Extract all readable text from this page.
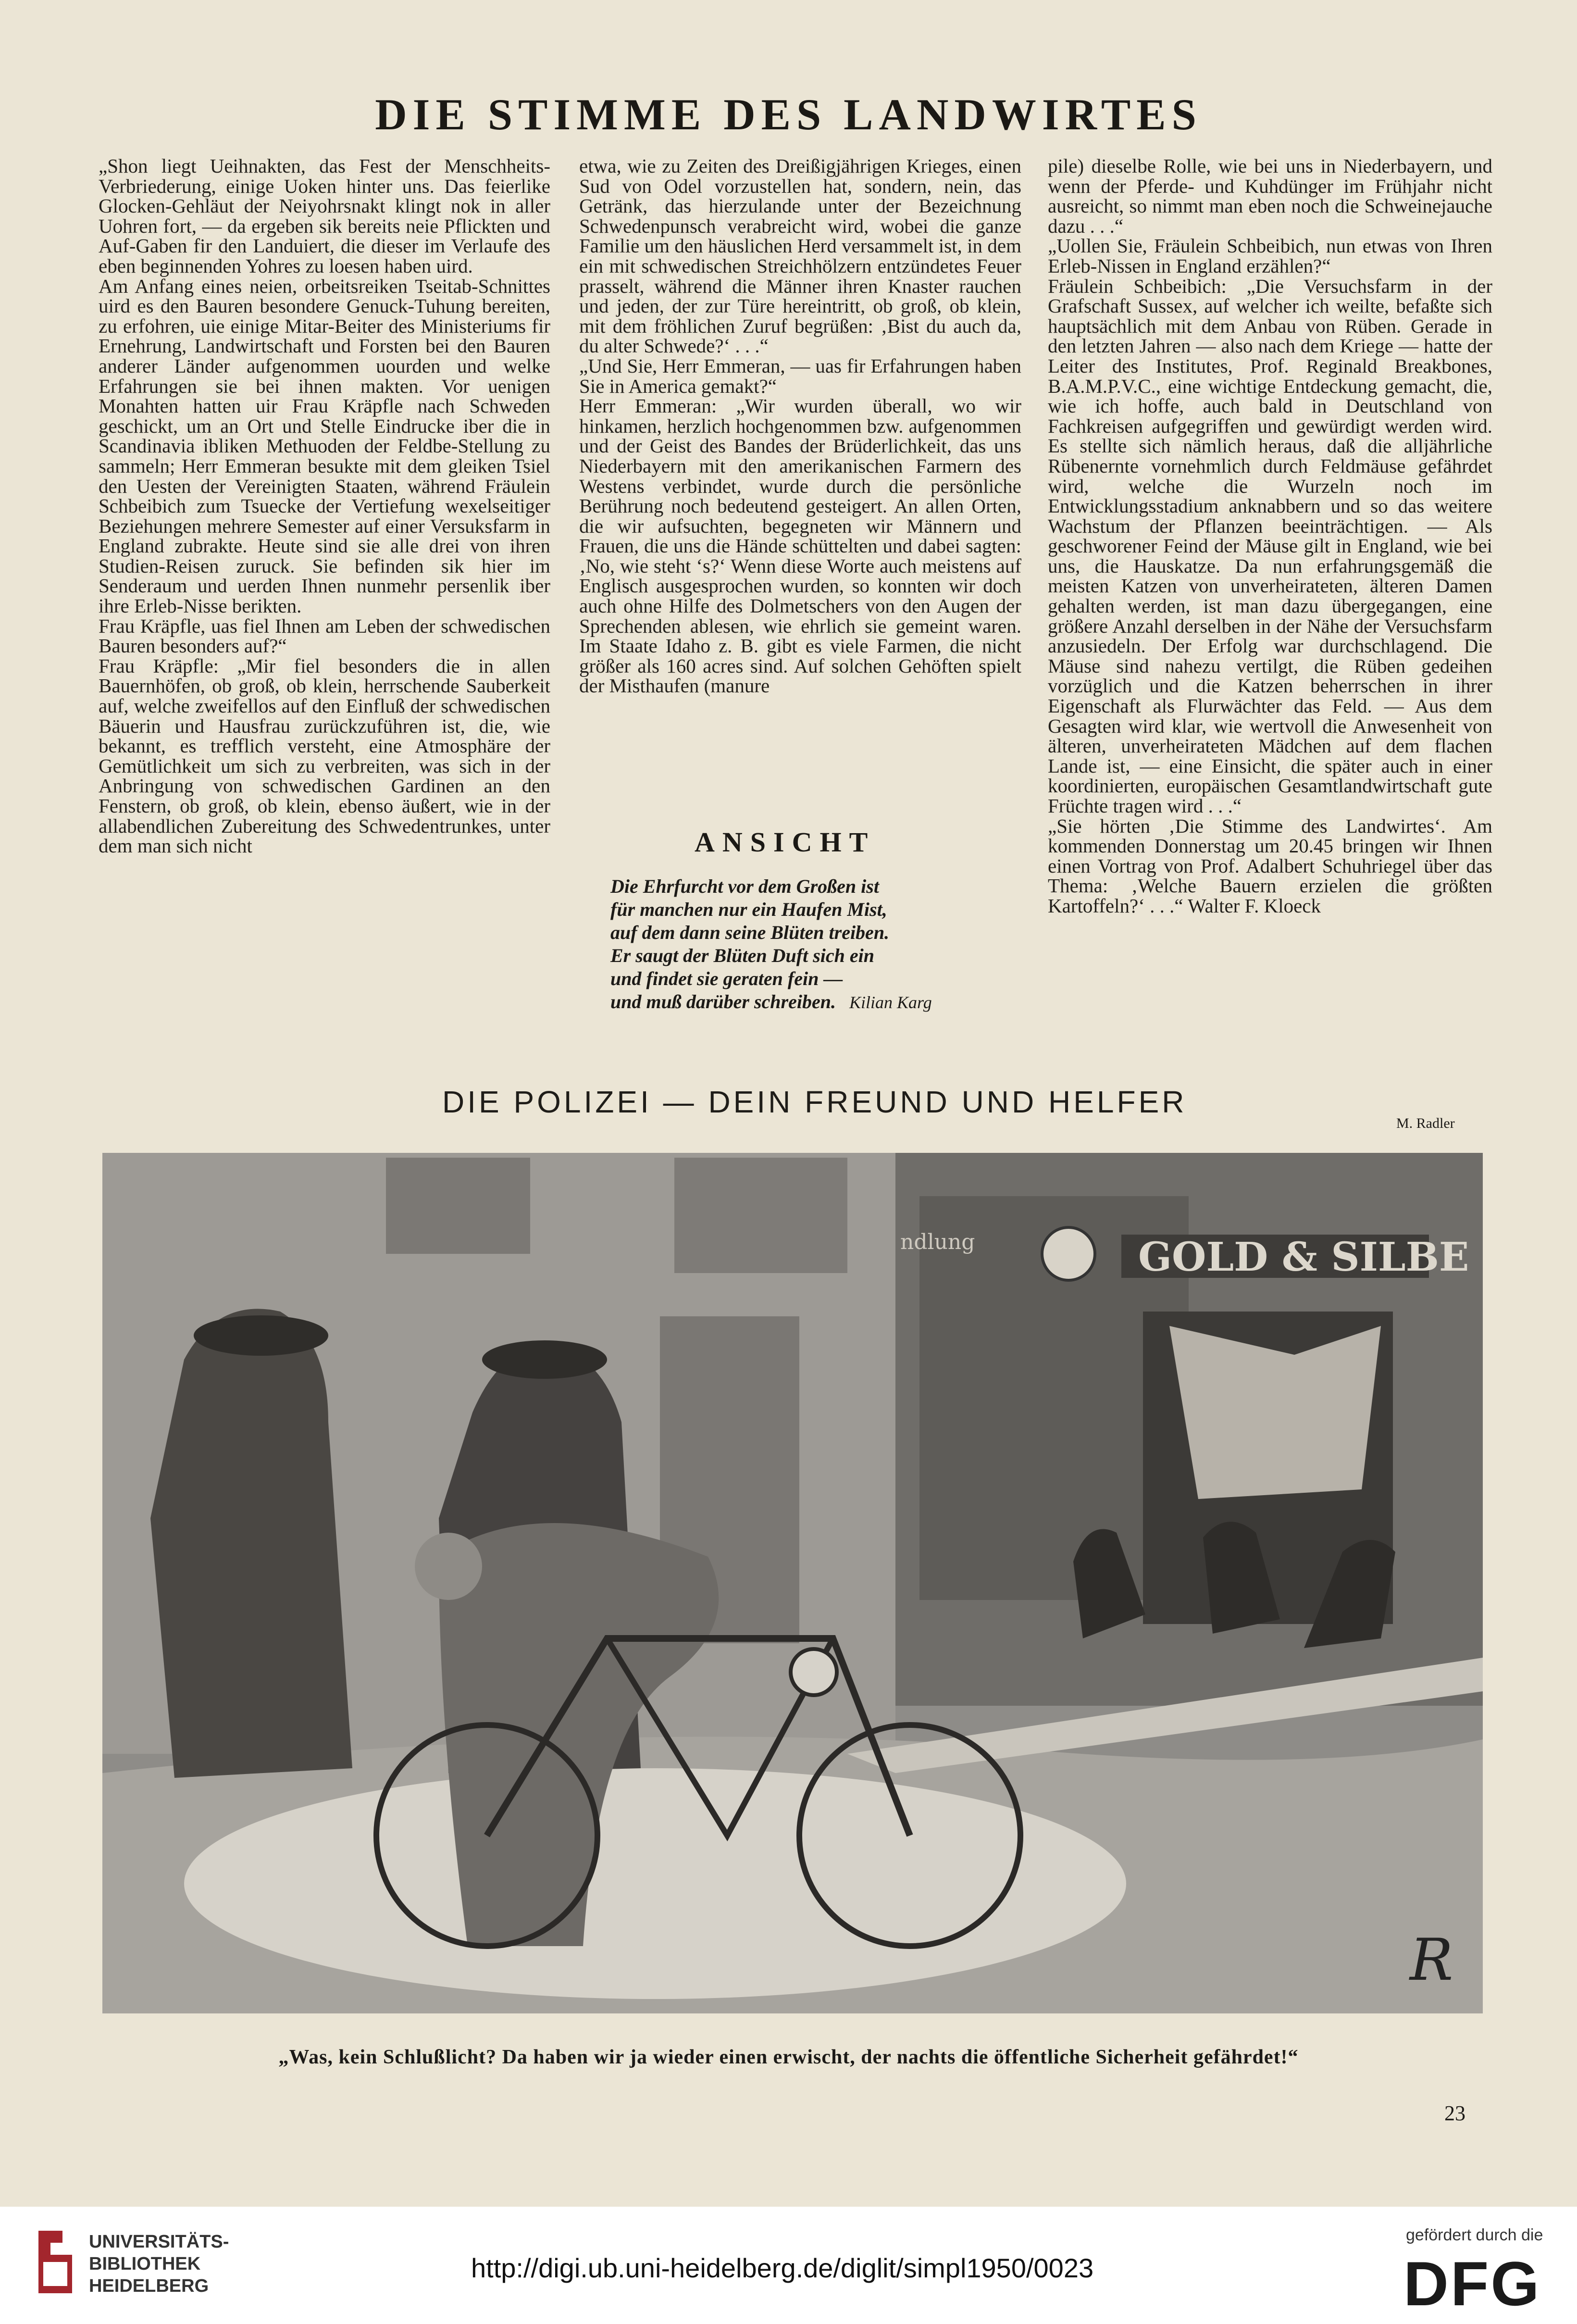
DIE STIMME DES LANDWIRTES

„Shon liegt Ueihnakten, das Fest der Menschheits-Verbriederung, einige Uoken hinter uns. Das feierlike Glocken-Gehläut der Neiyohrsnakt klingt nok in aller Uohren fort, — da ergeben sik bereits neie Pflickten und Auf-Gaben fir den Landuiert, die dieser im Verlaufe des eben beginnenden Yohres zu loesen haben uird.

Am Anfang eines neien, orbeitsreiken Tseitab-Schnittes uird es den Bauren besondere Genuck-Tuhung bereiten, zu erfohren, uie einige Mitar-Beiter des Ministeriums fir Ernehrung, Landwirtschaft und Forsten bei den Bauren anderer Länder aufgenommen uourden und welke Erfahrungen sie bei ihnen makten. Vor uenigen Monahten hatten uir Frau Kräpfle nach Schweden geschickt, um an Ort und Stelle Eindrucke iber die in Scandinavia ibliken Methuoden der Feldbe-Stellung zu sammeln; Herr Emmeran besukte mit dem gleiken Tsiel den Uesten der Vereinigten Staaten, während Fräulein Schbeibich zum Tsuecke der Vertiefung wexelseitiger Beziehungen mehrere Semester auf einer Versuksfarm in England zubrakte. Heute sind sie alle drei von ihren Studien-Reisen zuruck. Sie befinden sik hier im Senderaum und uerden Ihnen nunmehr persenlik iber ihre Erleb-Nisse berikten.

Frau Kräpfle, uas fiel Ihnen am Leben der schwedischen Bauren besonders auf?“

Frau Kräpfle: „Mir fiel besonders die in allen Bauernhöfen, ob groß, ob klein, herrschende Sauberkeit auf, welche zweifellos auf den Einfluß der schwedischen Bäuerin und Hausfrau zurückzuführen ist, die, wie bekannt, es trefflich versteht, eine Atmosphäre der Gemütlichkeit um sich zu verbreiten, was sich in der Anbringung von schwedischen Gardinen an den Fenstern, ob groß, ob klein, ebenso äußert, wie in der allabendlichen Zubereitung des Schwedentrunkes, unter dem man sich nicht

etwa, wie zu Zeiten des Dreißigjährigen Krieges, einen Sud von Odel vorzustellen hat, sondern, nein, das Getränk, das hierzulande unter der Bezeichnung Schwedenpunsch verabreicht wird, wobei die ganze Familie um den häuslichen Herd versammelt ist, in dem ein mit schwedischen Streichhölzern entzündetes Feuer prasselt, während die Männer ihren Knaster rauchen und jeden, der zur Türe hereintritt, ob groß, ob klein, mit dem fröhlichen Zuruf begrüßen: ‚Bist du auch da, du alter Schwede?‘ . . .“

„Und Sie, Herr Emmeran, — uas fir Erfahrungen haben Sie in America gemakt?“

Herr Emmeran: „Wir wurden überall, wo wir hinkamen, herzlich hochgenommen bzw. aufgenommen und der Geist des Bandes der Brüderlichkeit, das uns Niederbayern mit den amerikanischen Farmern des Westens verbindet, wurde durch die persönliche Berührung noch bedeutend gesteigert. An allen Orten, die wir aufsuchten, begegneten wir Männern und Frauen, die uns die Hände schüttelten und dabei sagten: ‚No, wie steht ‘s?‘ Wenn diese Worte auch meistens auf Englisch ausgesprochen wurden, so konnten wir doch auch ohne Hilfe des Dolmetschers von den Augen der Sprechenden ablesen, wie ehrlich sie gemeint waren. Im Staate Idaho z. B. gibt es viele Farmen, die nicht größer als 160 acres sind. Auf solchen Gehöften spielt der Misthaufen (manure

pile) dieselbe Rolle, wie bei uns in Niederbayern, und wenn der Pferde- und Kuhdünger im Frühjahr nicht ausreicht, so nimmt man eben noch die Schweinejauche dazu . . .“

„Uollen Sie, Fräulein Schbeibich, nun etwas von Ihren Erleb-Nissen in England erzählen?“

Fräulein Schbeibich: „Die Versuchsfarm in der Grafschaft Sussex, auf welcher ich weilte, befaßte sich hauptsächlich mit dem Anbau von Rüben. Gerade in den letzten Jahren — also nach dem Kriege — hatte der Leiter des Institutes, Prof. Reginald Breakbones, B.A.M.P.V.C., eine wichtige Entdeckung gemacht, die, wie ich hoffe, auch bald in Deutschland von Fachkreisen aufgegriffen und gewürdigt werden wird. Es stellte sich nämlich heraus, daß die alljährliche Rübenernte vornehmlich durch Feldmäuse gefährdet wird, welche die Wurzeln noch im Entwicklungsstadium anknabbern und so das weitere Wachstum der Pflanzen beeinträchtigen. — Als geschworener Feind der Mäuse gilt in England, wie bei uns, die Hauskatze. Da nun erfahrungsgemäß die meisten Katzen von unverheirateten, älteren Damen gehalten werden, ist man dazu übergegangen, eine größere Anzahl derselben in der Nähe der Versuchsfarm anzusiedeln. Der Erfolg war durchschlagend. Die Mäuse sind nahezu vertilgt, die Rüben gedeihen vorzüglich und die Katzen beherrschen in ihrer Eigenschaft als Flurwächter das Feld. — Aus dem Gesagten wird klar, wie wertvoll die Anwesenheit von älteren, unverheirateten Mädchen auf dem flachen Lande ist, — eine Einsicht, die später auch in einer koordinierten, europäischen Gesamtlandwirtschaft gute Früchte tragen wird . . .“

„Sie hörten ‚Die Stimme des Landwirtes‘. Am kommenden Donnerstag um 20.45 bringen wir Ihnen einen Vortrag von Prof. Adalbert Schuhriegel über das Thema: ‚Welche Bauern erzielen die größten Kartoffeln?‘ . . .“ Walter F. Kloeck

ANSICHT
Die Ehrfurcht vor dem Großen ist
für manchen nur ein Haufen Mist,
auf dem dann seine Blüten treiben.
Er saugt der Blüten Duft sich ein
und findet sie geraten fein —
und muß darüber schreiben. Kilian Karg
DIE POLIZEI — DEIN FREUND UND HELFER
M. Radler
GOLD & SILBE
ndlung
R
„Was, kein Schlußlicht? Da haben wir ja wieder einen erwischt, der nachts die öffentliche Sicherheit gefährdet!“
23
UNIVERSITÄTS-
BIBLIOTHEK
HEIDELBERG
http://digi.ub.uni-heidelberg.de/diglit/simpl1950/0023
gefördert durch die
DFG
